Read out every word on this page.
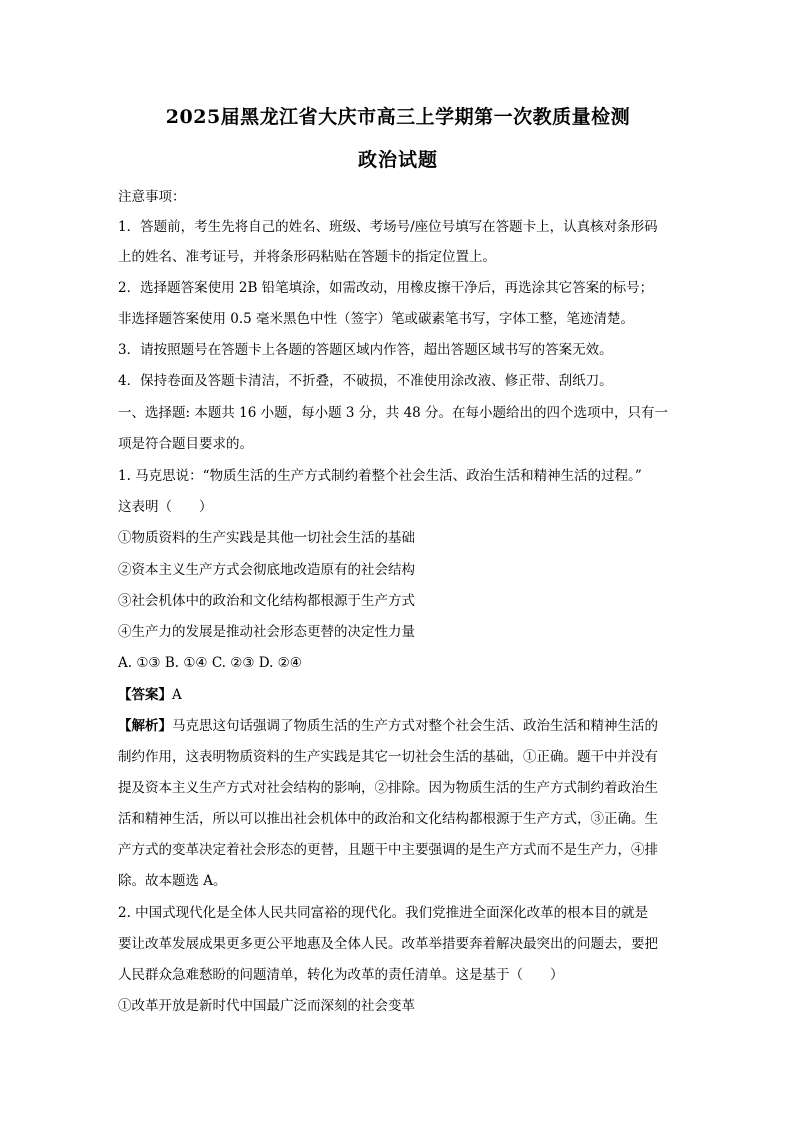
2025届黑龙江省大庆市高三上学期第一次教质量检测
政治试题
注意事项：
1．答题前，考生先将自己的姓名、班级、考场号/座位号填写在答题卡上，认真核对条形码
上的姓名、准考证号，并将条形码粘贴在答题卡的指定位置上。
2．选择题答案使用 2B 铅笔填涂，如需改动，用橡皮擦干净后，再选涂其它答案的标号；
非选择题答案使用 0.5 毫米黑色中性（签字）笔或碳素笔书写，字体工整，笔迹清楚。
3．请按照题号在答题卡上各题的答题区域内作答，超出答题区域书写的答案无效。
4．保持卷面及答题卡清洁，不折叠，不破损，不准使用涂改液、修正带、刮纸刀。
一、选择题: 本题共 16 小题，每小题 3 分，共 48 分。在每小题给出的四个选项中，只有一
项是符合题目要求的。
1. 马克思说：“物质生活的生产方式制约着整个社会生活、政治生活和精神生活的过程。”
这表明（　　）
①物质资料的生产实践是其他一切社会生活的基础
②资本主义生产方式会彻底地改造原有的社会结构
③社会机体中的政治和文化结构都根源于生产方式
④生产力的发展是推动社会形态更替的决定性力量
A. ①③ B. ①④ C. ②③ D. ②④
【答案】A
【解析】马克思这句话强调了物质生活的生产方式对整个社会生活、政治生活和精神生活的
制约作用，这表明物质资料的生产实践是其它一切社会生活的基础，①正确。题干中并没有
提及资本主义生产方式对社会结构的影响，②排除。因为物质生活的生产方式制约着政治生
活和精神生活，所以可以推出社会机体中的政治和文化结构都根源于生产方式，③正确。生
产方式的变革决定着社会形态的更替，且题干中主要强调的是生产方式而不是生产力，④排
除。故本题选 A。
2. 中国式现代化是全体人民共同富裕的现代化。我们党推进全面深化改革的根本目的就是
要让改革发展成果更多更公平地惠及全体人民。改革举措要奔着解决最突出的问题去，要把
人民群众急难愁盼的问题清单，转化为改革的责任清单。这是基于（　　）
①改革开放是新时代中国最广泛而深刻的社会变革
